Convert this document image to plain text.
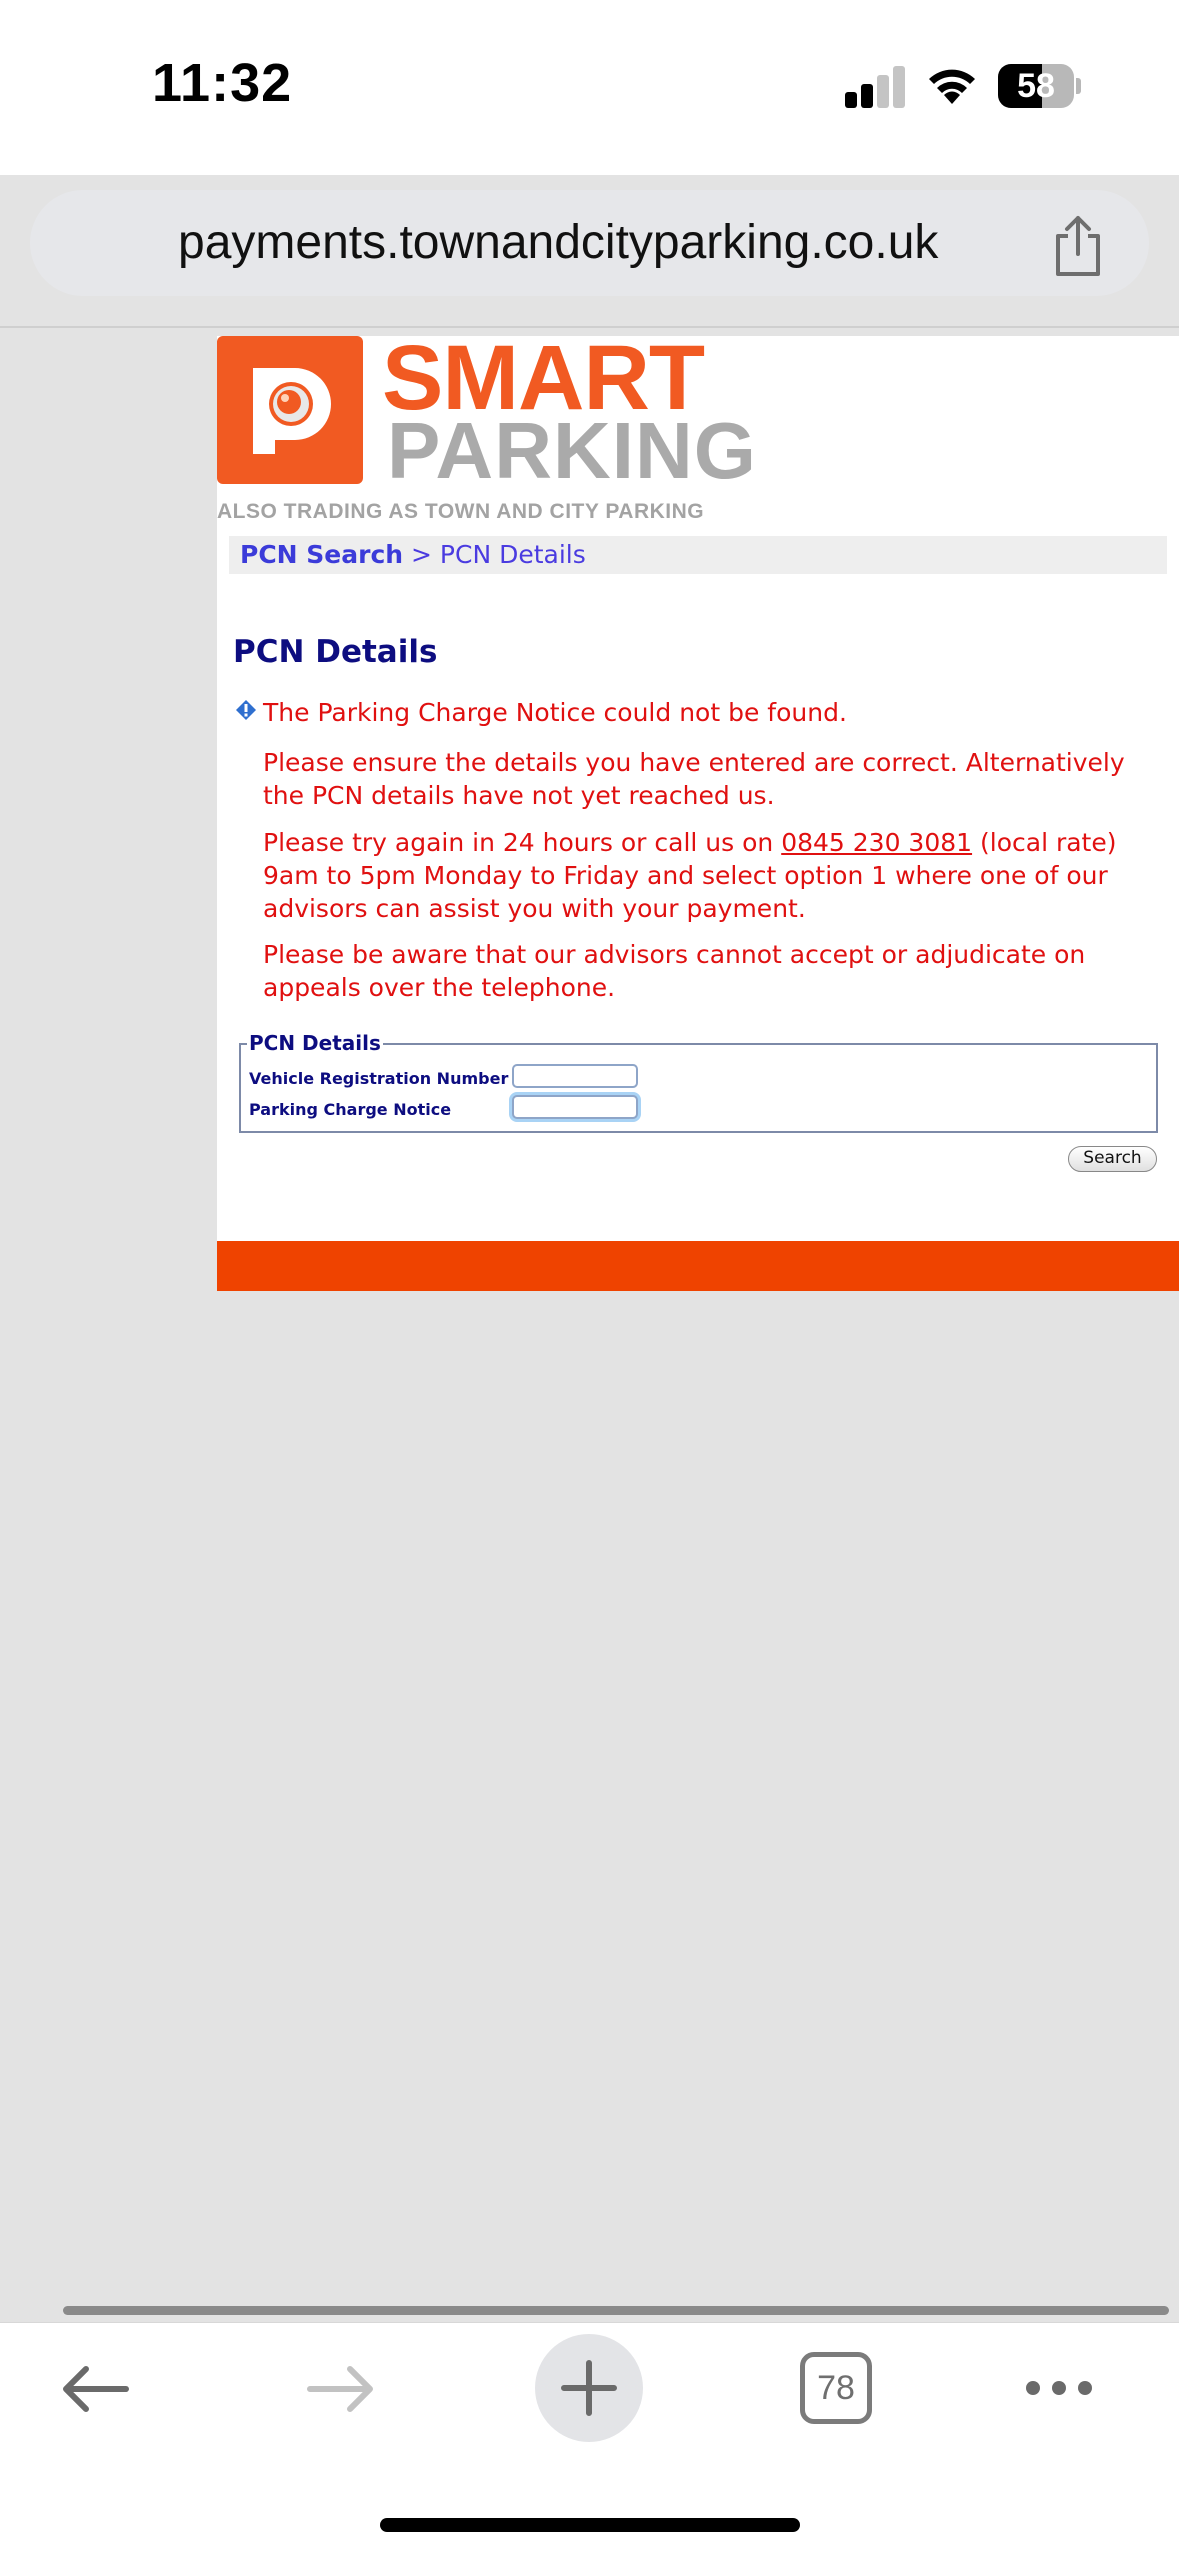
11:32	58
payments.townandcityparking.co.uk
SMART
PARKING
ALSO TRADING AS TOWN AND CITY PARKING
PCN Search > PCN Details
PCN Details
The Parking Charge Notice could not be found.
Please ensure the details you have entered are correct. Alternatively the PCN details have not yet reached us.
Please try again in 24 hours or call us on 0845 230 3081 (local rate) 9am to 5pm Monday to Friday and select option 1 where one of our advisors can assist you with your payment.
Please be aware that our advisors cannot accept or adjudicate on appeals over the telephone.
PCN Details
Vehicle Registration Number
Parking Charge Notice
Search
78
